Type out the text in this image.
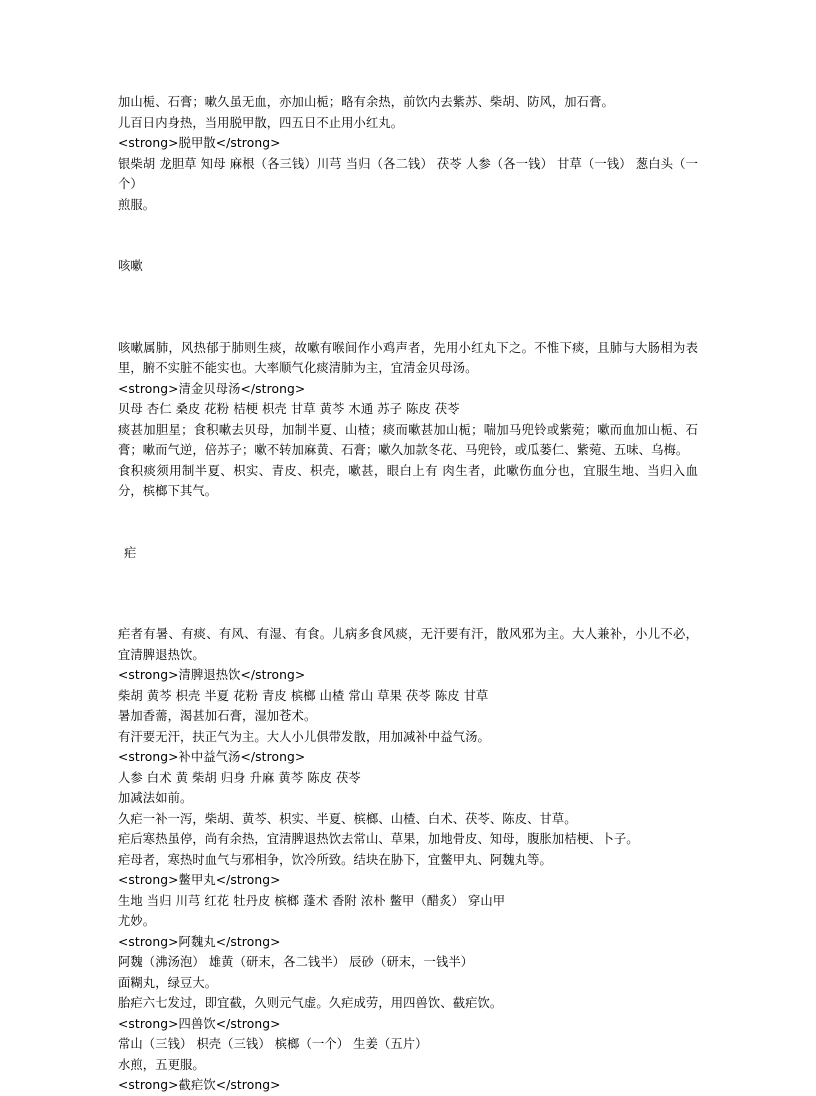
加山栀、石膏；嗽久虽无血，亦加山栀；略有余热，前饮内去紫苏、柴胡、防风，加石膏。

儿百日内身热，当用脱甲散，四五日不止用小红丸。

<strong>脱甲散</strong>

银柴胡 龙胆草 知母 麻根（各三钱）川芎 当归（各二钱） 茯苓 人参（各一钱） 甘草（一钱） 葱白头（一个）

煎服。

咳嗽

咳嗽属肺，风热郁于肺则生痰，故嗽有喉间作小鸡声者，先用小红丸下之。不惟下痰，且肺与大肠相为表里，腑不实脏不能实也。大率顺气化痰清肺为主，宜清金贝母汤。

<strong>清金贝母汤</strong>

贝母 杏仁 桑皮 花粉 桔梗 枳壳 甘草 黄芩 木通 苏子 陈皮 茯苓

痰甚加胆星；食积嗽去贝母，加制半夏、山楂；痰而嗽甚加山栀；喘加马兜铃或紫菀；嗽而血加山栀、石膏；嗽而气逆，倍苏子；嗽不转加麻黄、石膏；嗽久加款冬花、马兜铃，或瓜蒌仁、紫菀、五味、乌梅。

食积痰须用制半夏、枳实、青皮、枳壳，嗽甚，眼白上有 肉生者，此嗽伤血分也，宜服生地、当归入血分，槟榔下其气。

疟

疟者有暑、有痰、有风、有湿、有食。儿病多食风痰，无汗要有汗，散风邪为主。大人兼补，小儿不必，宜清脾退热饮。

<strong>清脾退热饮</strong>

柴胡 黄芩 枳壳 半夏 花粉 青皮 槟榔 山楂 常山 草果 茯苓 陈皮 甘草

暑加香薷，渴甚加石膏，湿加苍术。

有汗要无汗，扶正气为主。大人小儿俱带发散，用加减补中益气汤。

<strong>补中益气汤</strong>

人参 白术 黄 柴胡 归身 升麻 黄芩 陈皮 茯苓

加减法如前。

久疟一补一泻，柴胡、黄芩、枳实、半夏、槟榔、山楂、白术、茯苓、陈皮、甘草。

疟后寒热虽停，尚有余热，宜清脾退热饮去常山、草果，加地骨皮、知母，腹胀加桔梗、卜子。

疟母者，寒热时血气与邪相争，饮冷所致。结块在胁下，宜鳖甲丸、阿魏丸等。

<strong>鳖甲丸</strong>

生地 当归 川芎 红花 牡丹皮 槟榔 蓬术 香附 浓朴 鳖甲（醋炙） 穿山甲

尤妙。

<strong>阿魏丸</strong>

阿魏（沸汤泡） 雄黄（研末，各二钱半） 辰砂（研末，一钱半）

面糊丸，绿豆大。

胎疟六七发过，即宜截，久则元气虚。久疟成劳，用四兽饮、截疟饮。

<strong>四兽饮</strong>

常山（三钱） 枳壳（三钱） 槟榔（一个） 生姜（五片）

水煎，五更服。

<strong>截疟饮</strong>
